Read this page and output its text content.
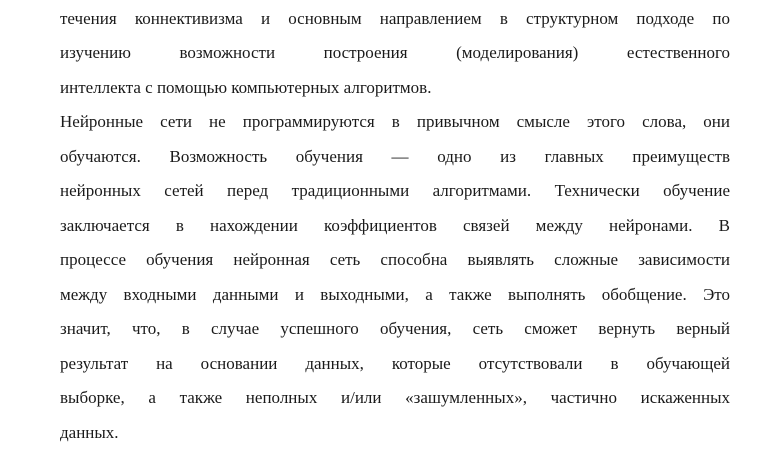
течения коннективизма и основным направлением в структурном подходе по
изучению возможности построения (моделирования) естественного
интеллекта с помощью компьютерных алгоритмов.
Нейронные сети не программируются в привычном смысле этого слова, они
обучаются. Возможность обучения — одно из главных преимуществ
нейронных сетей перед традиционными алгоритмами. Технически обучение
заключается в нахождении коэффициентов связей между нейронами. В
процессе обучения нейронная сеть способна выявлять сложные зависимости
между входными данными и выходными, а также выполнять обобщение. Это
значит, что, в случае успешного обучения, сеть сможет вернуть верный
результат на основании данных, которые отсутствовали в обучающей
выборке, а также неполных и/или «зашумленных», частично искаженных
данных.
